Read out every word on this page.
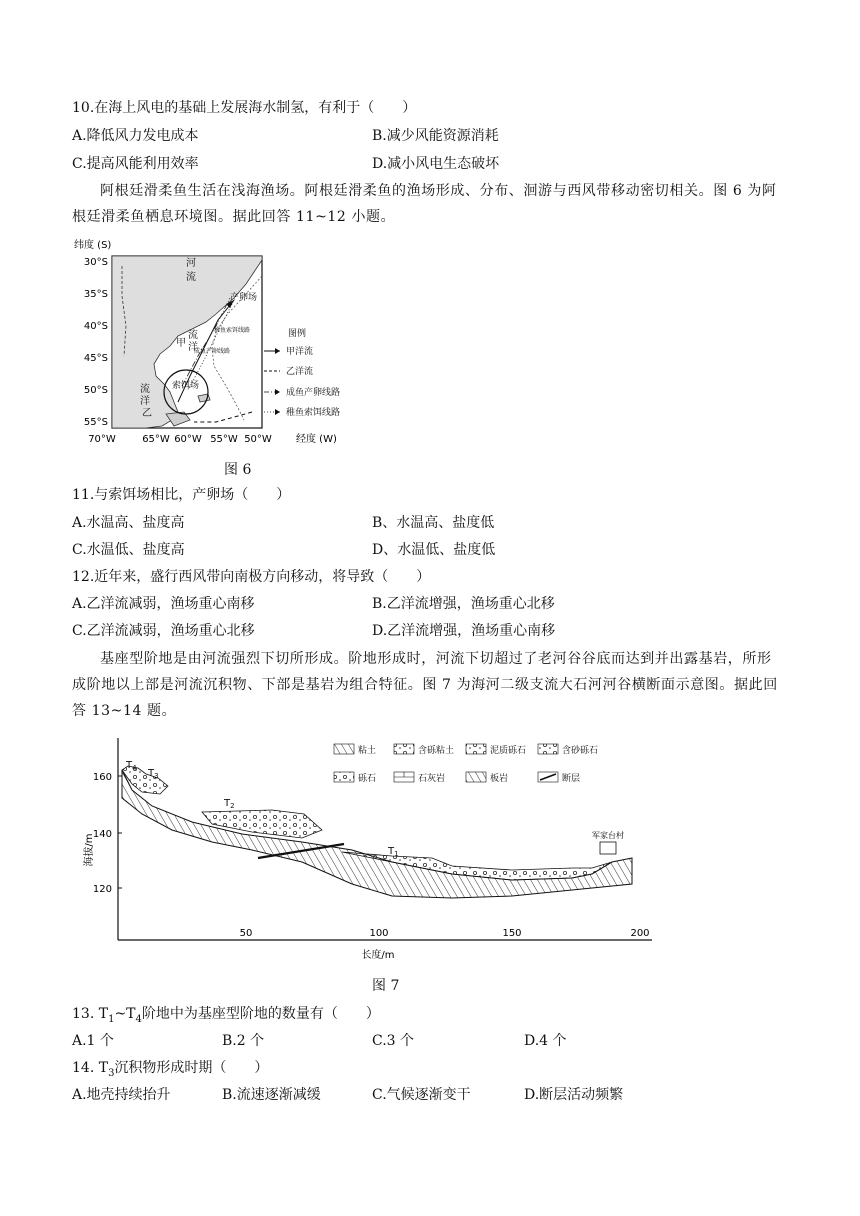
10.在海上风电的基础上发展海水制氢，有利于（　　）
A.降低风力发电成本	B.减少风能资源消耗
C.提高风能利用效率	D.减小风电生态破坏
阿根廷滑柔鱼生活在浅海渔场。阿根廷滑柔鱼的渔场形成、分布、洄游与西风带移动密切相关。图 6 为阿根廷滑柔鱼栖息环境图。据此回答 11~12 小题。
纬度 (S)
30°S
35°S
40°S
45°S
50°S
55°S
70°W	65°W 60°W 55°W 50°W 经度 (W)
河
流
产卵场
流
洋
甲
稚鱼索饵线路
成鱼产卵线路
索饵场
流
洋
乙
图例
甲洋流
乙洋流
成鱼产卵线路
稚鱼索饵线路
图 6
11.与索饵场相比，产卵场（　　）
A.水温高、盐度高	B、水温高、盐度低
C.水温低、盐度高	D、水温低、盐度低
12.近年来，盛行西风带向南极方向移动，将导致（　　）
A.乙洋流减弱，渔场重心南移	B.乙洋流增强，渔场重心北移
C.乙洋流减弱，渔场重心北移	D.乙洋流增强，渔场重心南移
基座型阶地是由河流强烈下切所形成。阶地形成时，河流下切超过了老河谷谷底而达到并出露基岩，所形成阶地以上部是河流沉积物、下部是基岩为组合特征。图 7 为海河二级支流大石河河谷横断面示意图。据此回答 13~14 题。
160
140
120
海拔/m
50	100	150	200
长度/m
$T_4$ $T_3$
$T_2$
$T_1$
军家台村
粘土	含砾粘土	泥质砾石	含砂砾石
砾石	石灰岩	板岩	断层
图 7
13. $T_1\sim T_4$阶地中为基座型阶地的数量有（　　）
A.1 个	B.2 个	C.3 个	D.4 个
14. $T_3$沉积物形成时期（　　）
A.地壳持续抬升	B.流速逐渐减缓	C.气候逐渐变干	D.断层活动频繁
